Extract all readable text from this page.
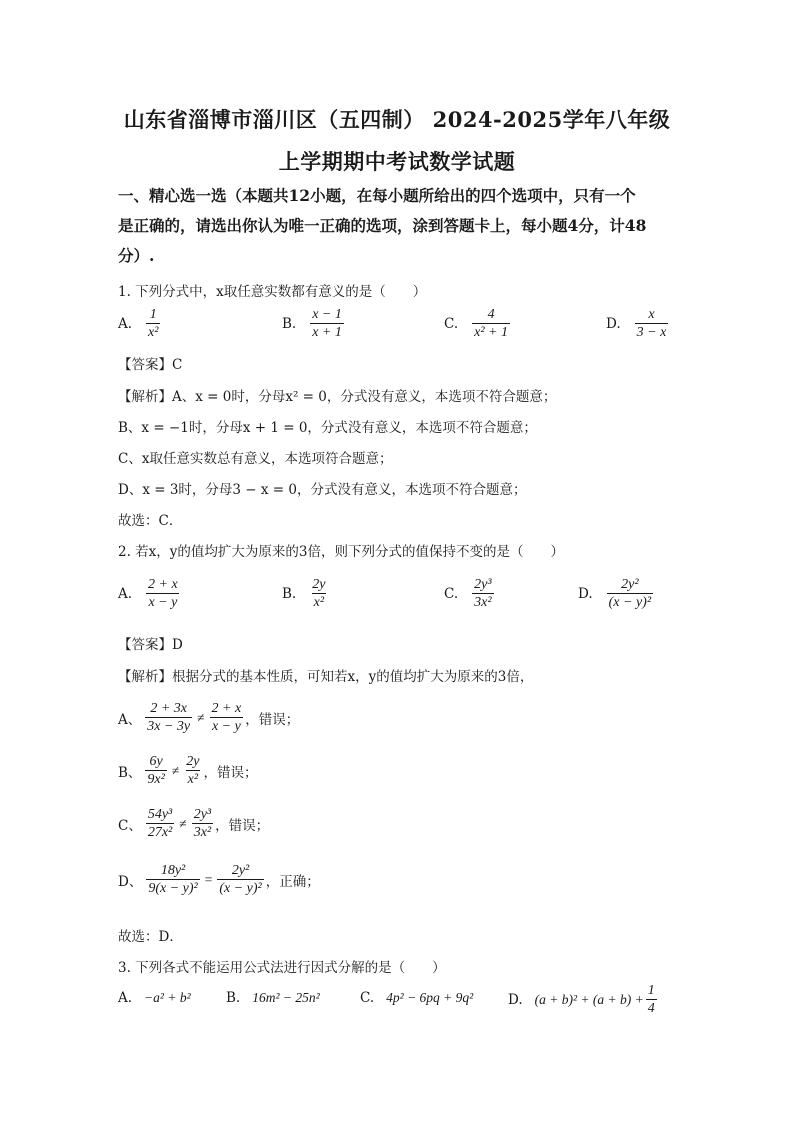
山东省淄博市淄川区（五四制） 2024-2025学年八年级
上学期期中考试数学试题
一、精心选一选（本题共12小题，在每小题所给出的四个选项中，只有一个
是正确的，请选出你认为唯一正确的选项，涂到答题卡上，每小题4分，计48
分）.
1. 下列分式中，x取任意实数都有意义的是（　　）
A. $\frac{1}{\text{x²}}$	B. $\frac{x - 1}{x + 1}$	C. $\frac{4}{\text{x² + 1}}$	D. $\frac{x}{3 - x}$
【答案】C
【解析】A、x = 0时，分母x² = 0，分式没有意义，本选项不符合题意；
B、x = −1时，分母x + 1 = 0，分式没有意义，本选项不符合题意；
C、x取任意实数总有意义，本选项符合题意；
D、x = 3时，分母3 − x = 0，分式没有意义，本选项不符合题意；
故选：C．
2. 若x，y的值均扩大为原来的3倍，则下列分式的值保持不变的是（　　）
A. $\frac{2 + x}{x - y}$	B. $\frac{2y}{\text{x²}}$	C. $\frac{\text{2y³}}{\text{3x²}}$	D. $\frac{\text{2y²}}{\text{(x − y)²}}$
【答案】D
【解析】根据分式的基本性质，可知若x，y的值均扩大为原来的3倍，
A、 $\frac{2 + 3x}{3x - 3y} \ne \frac{2 + x}{x - y}$ ，错误；
B、 $\frac{6y}{\text{9x²}} \ne \frac{2y}{\text{x²}}$ ，错误；
C、 $\frac{\text{54y³}}{\text{27x²}} \ne \frac{\text{2y³}}{\text{3x²}}$ ，错误；
D、 $\frac{\text{18y²}}{\text{9(x − y)²}} = \frac{\text{2y²}}{\text{(x − y)²}}$ ，正确；
故选：D．
3. 下列各式不能运用公式法进行因式分解的是（　　）
A. −a² + b²	B. 16m² − 25n²	C. 4p² − 6pq + 9q²	D. $(a + b)^2 + (a + b) + \frac{1}{4}$
